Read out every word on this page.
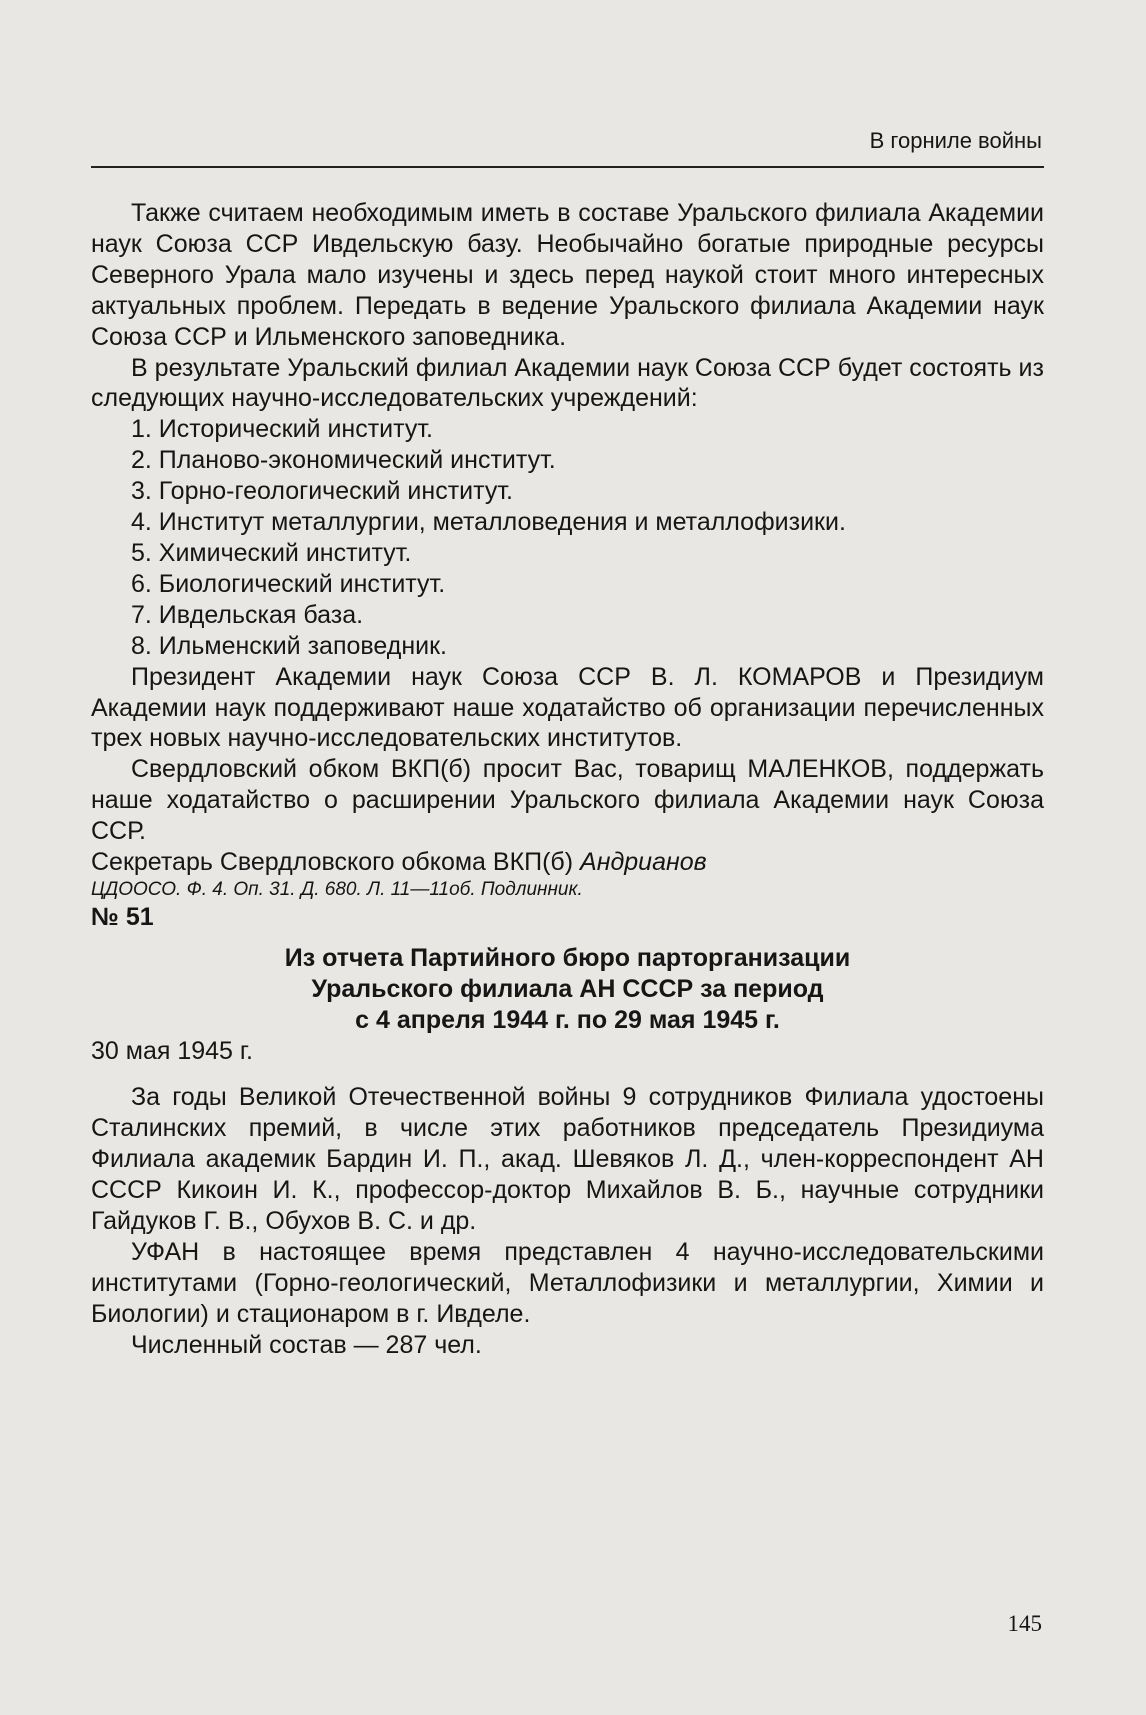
В горниле войны

Также считаем необходимым иметь в составе Уральского филиала Академии наук Союза ССР Ивдельскую базу. Необычайно богатые природные ресурсы Северного Урала мало изучены и здесь перед наукой стоит много интересных актуальных проблем. Передать в ведение Уральского филиала Академии наук Союза ССР и Ильменского заповедника.

В результате Уральский филиал Академии наук Союза ССР будет состоять из следующих научно-исследовательских учреждений:

1. Исторический институт.
2. Планово-экономический институт.
3. Горно-геологический институт.
4. Институт металлургии, металловедения и металлофизики.
5. Химический институт.
6. Биологический институт.
7. Ивдельская база.
8. Ильменский заповедник.

Президент Академии наук Союза ССР В. Л. КОМАРОВ и Президиум Академии наук поддерживают наше ходатайство об организации перечисленных трех новых научно-исследовательских институтов.

Свердловский обком ВКП(б) просит Вас, товарищ МАЛЕНКОВ, поддержать наше ходатайство о расширении Уральского филиала Академии наук Союза ССР.

Секретарь Свердловского обкома ВКП(б) Андрианов

ЦДООСО. Ф. 4. Оп. 31. Д. 680. Л. 11—11об. Подлинник.

№ 51

Из отчета Партийного бюро парторганизации
Уральского филиала АН СССР за период
с 4 апреля 1944 г. по 29 мая 1945 г.

30 мая 1945 г.

За годы Великой Отечественной войны 9 сотрудников Филиала удостоены Сталинских премий, в числе этих работников председатель Президиума Филиала академик Бардин И. П., акад. Шевяков Л. Д., член-корреспондент АН СССР Кикоин И. К., профессор-доктор Михайлов В. Б., научные сотрудники Гайдуков Г. В., Обухов В. С. и др.

УФАН в настоящее время представлен 4 научно-исследовательскими институтами (Горно-геологический, Металлофизики и металлургии, Химии и Биологии) и стационаром в г. Ивделе.

Численный состав — 287 чел.

145
